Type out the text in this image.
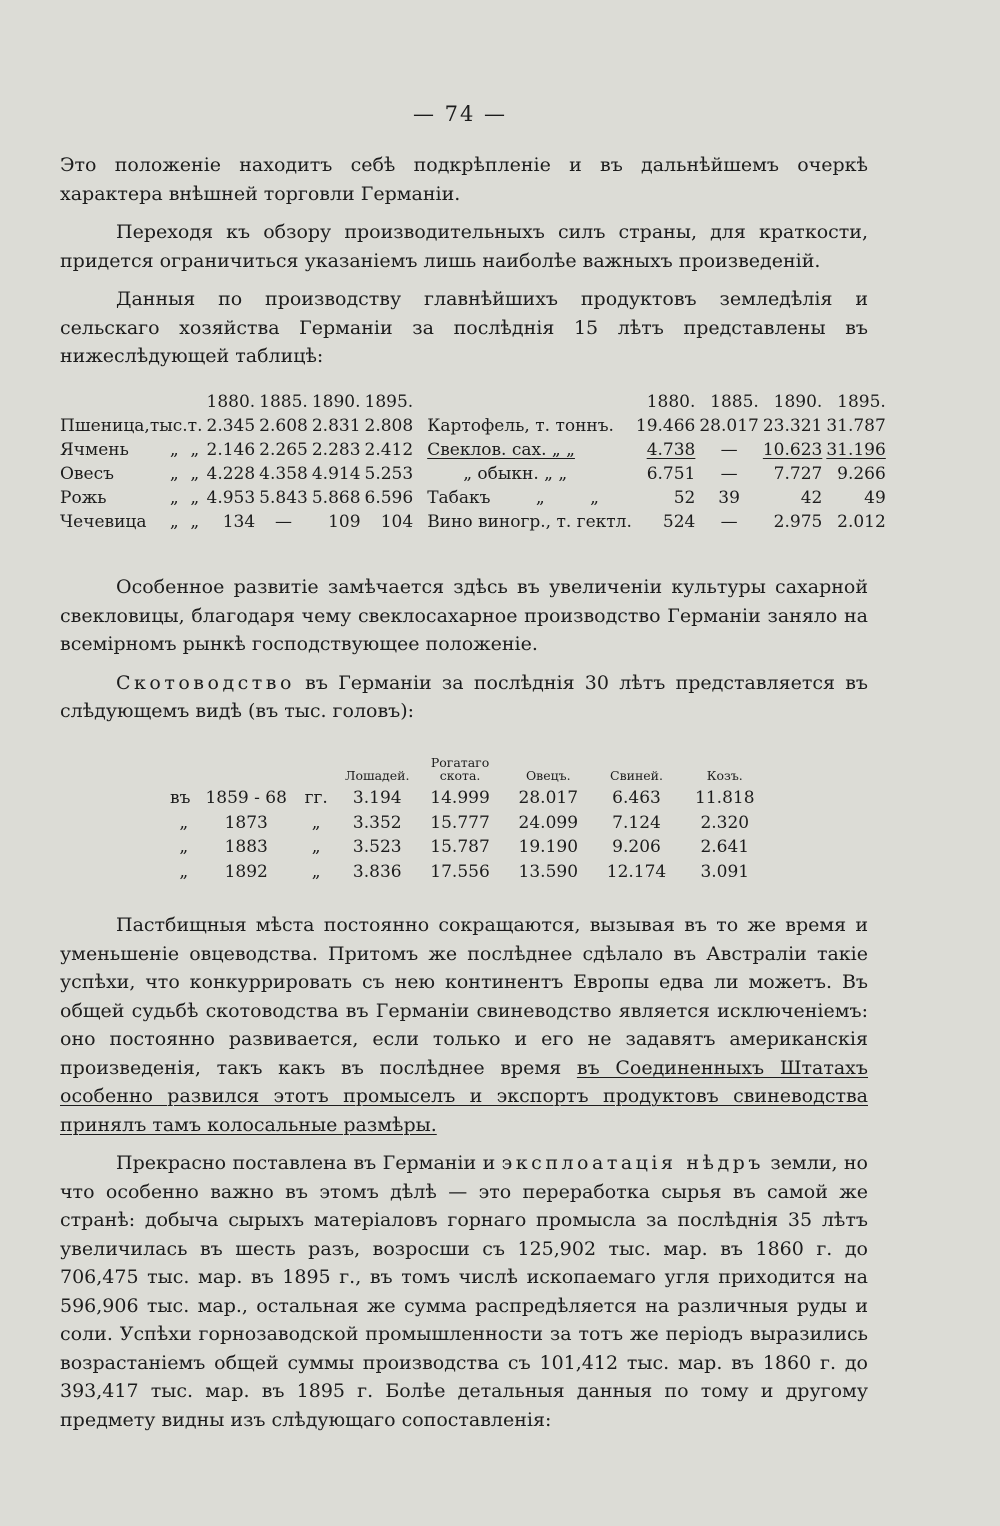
— 74 —

Это положеніе находитъ себѣ подкрѣпленіе и въ дальнѣйшемъ очеркѣ характера внѣшней торговли Германіи.

Переходя къ обзору производительныхъ силъ страны, для краткости, придется ограничиться указаніемъ лишь наиболѣе важныхъ произведеній.

Данныя по производству главнѣйшихъ продуктовъ земледѣлія и сельскаго хозяйства Германіи за послѣднія 15 лѣтъ представлены въ нижеслѣдующей таблицѣ:

			1880.	1885.	1890.	1895.		1880.	1885.	1890.	1895.
Пшеница,тыс.т.			2.345	2.608	2.831	2.808	Картофель, т. тоннъ.	19.466	28.017	23.321	31.787
Ячмень	„	„	2.146	2.265	2.283	2.412	Свеклов. сах. „ „	4.738	—	10.623	31.196
Овесъ	„	„	4.228	4.358	4.914	5.253	„ обыкн. „ „	6.751	—	7.727	9.266
Рожь	„	„	4.953	5.843	5.868	6.596	Табакъ „ „	52	39	42	49
Чечевица	„	„	134	—	109	104	Вино виногр., т. гектл.	524	—	2.975	2.012

Особенное развитіе замѣчается здѣсь въ увеличеніи культуры сахарной свекловицы, благодаря чему свеклосахарное производство Германіи заняло на всемірномъ рынкѣ господствующее положеніе.

Скотоводство въ Германіи за послѣднія 30 лѣтъ представляется въ слѣдующемъ видѣ (въ тыс. головъ):

			Лошадей.	Рогатаго скота.	Овецъ.	Свиней.	Козъ.
въ	1859 - 68	гг.	3.194	14.999	28.017	6.463	11.818
„	1873	„	3.352	15.777	24.099	7.124	2.320
„	1883	„	3.523	15.787	19.190	9.206	2.641
„	1892	„	3.836	17.556	13.590	12.174	3.091

Пастбищныя мѣста постоянно сокращаются, вызывая въ то же время и уменьшеніе овцеводства. Притомъ же послѣднее сдѣлало въ Австраліи такіе успѣхи, что конкуррировать съ нею континентъ Европы едва ли можетъ. Въ общей судьбѣ скотоводства въ Германіи свиневодство является исключеніемъ: оно постоянно развивается, если только и его не задавятъ американскія произведенія, такъ какъ въ послѣднее время въ Соединенныхъ Штатахъ особенно развился этотъ промыселъ и экспортъ продуктовъ свиневодства принялъ тамъ колосальные размѣры.

Прекрасно поставлена въ Германіи и эксплоатація нѣдръ земли, но что особенно важно въ этомъ дѣлѣ — это переработка сырья въ самой же странѣ: добыча сырыхъ матеріаловъ горнаго промысла за послѣднія 35 лѣтъ увеличилась въ шесть разъ, возросши съ 125,902 тыс. мар. въ 1860 г. до 706,475 тыс. мар. въ 1895 г., въ томъ числѣ ископаемаго угля приходится на 596,906 тыс. мар., остальная же сумма распредѣляется на различныя руды и соли. Успѣхи горнозаводской промышленности за тотъ же періодъ выразились возрастаніемъ общей суммы производства съ 101,412 тыс. мар. въ 1860 г. до 393,417 тыс. мар. въ 1895 г. Болѣе детальныя данныя по тому и другому предмету видны изъ слѣдующаго сопоставленія:
